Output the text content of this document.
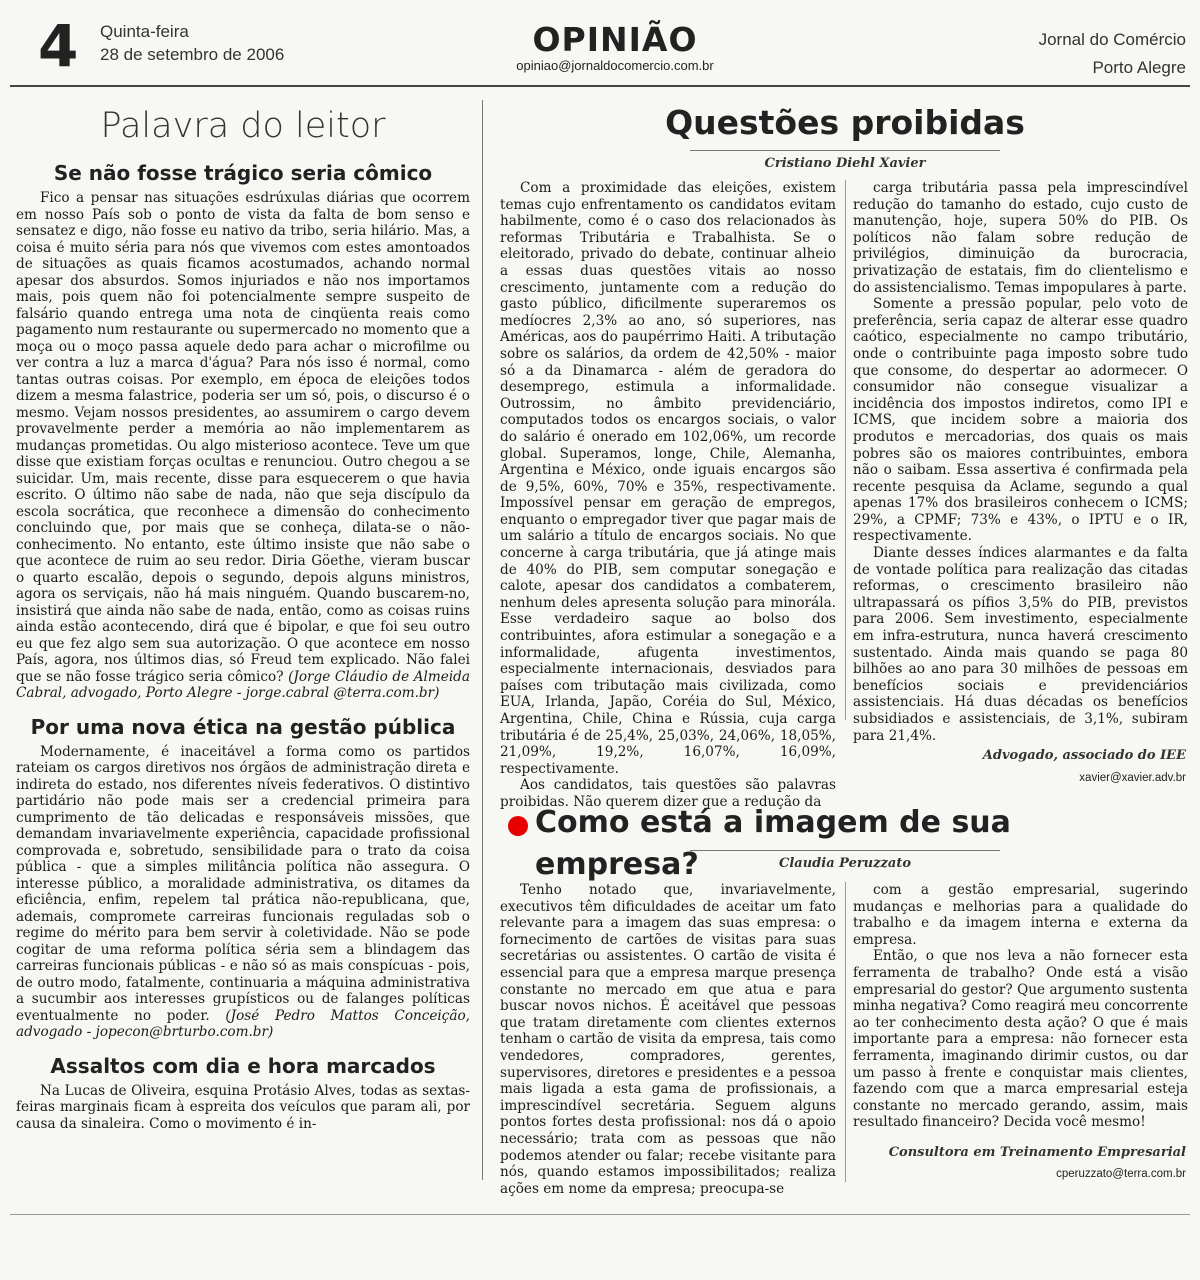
4 Quinta-feira
28 de setembro de 2006	OPINIÃO
opiniao@jornaldocomercio.com.br
Jornal do Comércio
Porto Alegre
Palavra do leitor
Se não fosse trágico seria cômico

Fico a pensar nas situações esdrúxulas diárias que ocorrem em nosso País sob o ponto de vista da falta de bom senso e sensatez e digo, não fosse eu nativo da tribo, seria hilário. Mas, a coisa é muito séria para nós que vivemos com estes amontoados de situações as quais ficamos acostumados, achando normal apesar dos absurdos. Somos injuriados e não nos importamos mais, pois quem não foi potencialmente sempre suspeito de falsário quando entrega uma nota de cinqüenta reais como pagamento num restaurante ou supermercado no momento que a moça ou o moço passa aquele dedo para achar o microfilme ou ver contra a luz a marca d'água? Para nós isso é normal, como tantas outras coisas. Por exemplo, em época de eleições todos dizem a mesma falastrice, poderia ser um só, pois, o discurso é o mesmo. Vejam nossos presidentes, ao assumirem o cargo devem provavelmente perder a memória ao não implementarem as mudanças prometidas. Ou algo misterioso acontece. Teve um que disse que existiam forças ocultas e renunciou. Outro chegou a se suicidar. Um, mais recente, disse para esquecerem o que havia escrito. O último não sabe de nada, não que seja discípulo da escola socrática, que reconhece a dimensão do conhecimento concluindo que, por mais que se conheça, dilata-se o não-conhecimento. No entanto, este último insiste que não sabe o que acontece de ruim ao seu redor. Diria Göethe, vieram buscar o quarto escalão, depois o segundo, depois alguns ministros, agora os serviçais, não há mais ninguém. Quando buscarem-no, insistirá que ainda não sabe de nada, então, como as coisas ruins ainda estão acontecendo, dirá que é bipolar, e que foi seu outro eu que fez algo sem sua autorização. O que acontece em nosso País, agora, nos últimos dias, só Freud tem explicado. Não falei que se não fosse trágico seria cômico? (Jorge Cláudio de Almeida Cabral, advogado, Porto Alegre - jorge.cabral @terra.com.br)

Por uma nova ética na gestão pública

Modernamente, é inaceitável a forma como os partidos rateiam os cargos diretivos nos órgãos de administração direta e indireta do estado, nos diferentes níveis federativos. O distintivo partidário não pode mais ser a credencial primeira para cumprimento de tão delicadas e responsáveis missões, que demandam invariavelmente experiência, capacidade profissional comprovada e, sobretudo, sensibilidade para o trato da coisa pública - que a simples militância política não assegura. O interesse público, a moralidade administrativa, os ditames da eficiência, enfim, repelem tal prática não-republicana, que, ademais, compromete carreiras funcionais reguladas sob o regime do mérito para bem servir à coletividade. Não se pode cogitar de uma reforma política séria sem a blindagem das carreiras funcionais públicas - e não só as mais conspícuas - pois, de outro modo, fatalmente, continuaria a máquina administrativa a sucumbir aos interesses grupísticos ou de falanges políticas eventualmente no poder. (José Pedro Mattos Conceição, advogado - jopecon@brturbo.com.br)

Assaltos com dia e hora marcados

Na Lucas de Oliveira, esquina Protásio Alves, todas as sextas-feiras marginais ficam à espreita dos veículos que param ali, por causa da sinaleira. Como o movimento é in-

Questões proibidas
Cristiano Diehl Xavier

Com a proximidade das eleições, existem temas cujo enfrentamento os candidatos evitam habilmente, como é o caso dos relacionados às reformas Tributária e Trabalhista. Se o eleitorado, privado do debate, continuar alheio a essas duas questões vitais ao nosso crescimento, juntamente com a redução do gasto público, dificilmente superaremos os medíocres 2,3% ao ano, só superiores, nas Américas, aos do paupérrimo Haiti. A tributação sobre os salários, da ordem de 42,50% - maior só a da Dinamarca - além de geradora do desemprego, estimula a informalidade. Outrossim, no âmbito previdenciário, computados todos os encargos sociais, o valor do salário é onerado em 102,06%, um recorde global. Superamos, longe, Chile, Alemanha, Argentina e México, onde iguais encargos são de 9,5%, 60%, 70% e 35%, respectivamente. Impossível pensar em geração de empregos, enquanto o empregador tiver que pagar mais de um salário a título de encargos sociais. No que concerne à carga tributária, que já atinge mais de 40% do PIB, sem computar sonegação e calote, apesar dos candidatos a combaterem, nenhum deles apresenta solução para minorála. Esse verdadeiro saque ao bolso dos contribuintes, afora estimular a sonegação e a informalidade, afugenta investimentos, especialmente internacionais, desviados para países com tributação mais civilizada, como EUA, Irlanda, Japão, Coréia do Sul, México, Argentina, Chile, China e Rússia, cuja carga tributária é de 25,4%, 25,03%, 24,06%, 18,05%, 21,09%, 19,2%, 16,07%, 16,09%, respectivamente.

Aos candidatos, tais questões são palavras proibidas. Não querem dizer que a redução da

carga tributária passa pela imprescindível redução do tamanho do estado, cujo custo de manutenção, hoje, supera 50% do PIB. Os políticos não falam sobre redução de privilégios, diminuição da burocracia, privatização de estatais, fim do clientelismo e do assistencialismo. Temas impopulares à parte.

Somente a pressão popular, pelo voto de preferência, seria capaz de alterar esse quadro caótico, especialmente no campo tributário, onde o contribuinte paga imposto sobre tudo que consome, do despertar ao adormecer. O consumidor não consegue visualizar a incidência dos impostos indiretos, como IPI e ICMS, que incidem sobre a maioria dos produtos e mercadorias, dos quais os mais pobres são os maiores contribuintes, embora não o saibam. Essa assertiva é confirmada pela recente pesquisa da Aclame, segundo a qual apenas 17% dos brasileiros conhecem o ICMS; 29%, a CPMF; 73% e 43%, o IPTU e o IR, respectivamente.

Diante desses índices alarmantes e da falta de vontade política para realização das citadas reformas, o crescimento brasileiro não ultrapassará os pífios 3,5% do PIB, previstos para 2006. Sem investimento, especialmente em infra-estrutura, nunca haverá crescimento sustentado. Ainda mais quando se paga 80 bilhões ao ano para 30 milhões de pessoas em benefícios sociais e previdenciários assistenciais. Há duas décadas os benefícios subsidiados e assistenciais, de 3,1%, subiram para 21,4%.

Advogado, associado do IEE
xavier@xavier.adv.br
Como está a imagem de sua empresa?	Claudia Peruzzato

Tenho notado que, invariavelmente, executivos têm dificuldades de aceitar um fato relevante para a imagem das suas empresa: o fornecimento de cartões de visitas para suas secretárias ou assistentes. O cartão de visita é essencial para que a empresa marque presença constante no mercado em que atua e para buscar novos nichos. É aceitável que pessoas que tratam diretamente com clientes externos tenham o cartão de visita da empresa, tais como vendedores, compradores, gerentes, supervisores, diretores e presidentes e a pessoa mais ligada a esta gama de profissionais, a imprescindível secretária. Seguem alguns pontos fortes desta profissional: nos dá o apoio necessário; trata com as pessoas que não podemos atender ou falar; recebe visitante para nós, quando estamos impossibilitados; realiza ações em nome da empresa; preocupa-se

com a gestão empresarial, sugerindo mudanças e melhorias para a qualidade do trabalho e da imagem interna e externa da empresa.

Então, o que nos leva a não fornecer esta ferramenta de trabalho? Onde está a visão empresarial do gestor? Que argumento sustenta minha negativa? Como reagirá meu concorrente ao ter conhecimento desta ação? O que é mais importante para a empresa: não fornecer esta ferramenta, imaginando dirimir custos, ou dar um passo à frente e conquistar mais clientes, fazendo com que a marca empresarial esteja constante no mercado gerando, assim, mais resultado financeiro? Decida você mesmo!

Consultora em Treinamento Empresarial
cperuzzato@terra.com.br
